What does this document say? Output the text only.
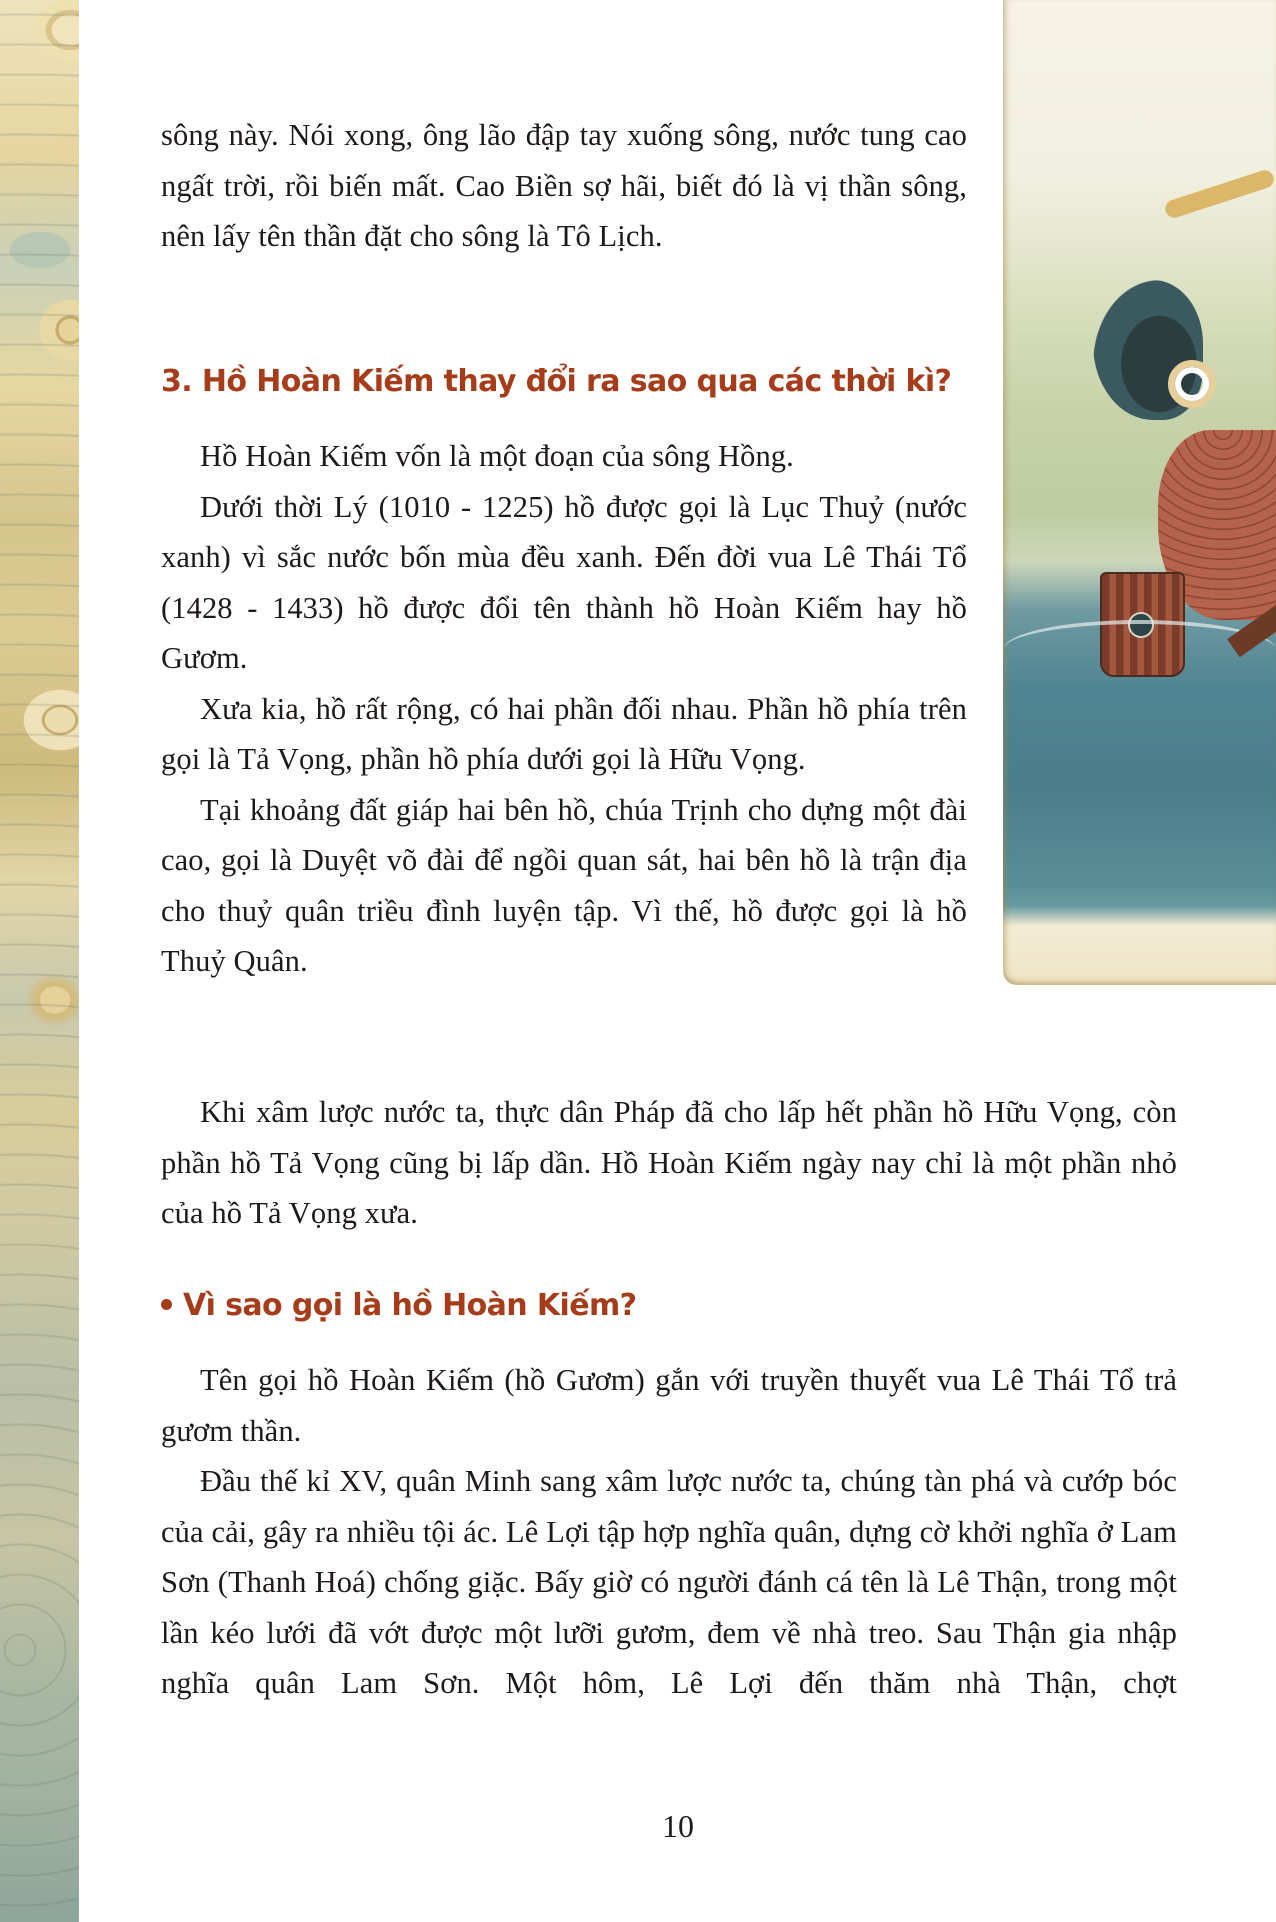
sông này. Nói xong, ông lão đập tay xuống sông, nước tung cao ngất trời, rồi biến mất. Cao Biền sợ hãi, biết đó là vị thần sông, nên lấy tên thần đặt cho sông là Tô Lịch.

3. Hồ Hoàn Kiếm thay đổi ra sao qua các thời kì?

Hồ Hoàn Kiếm vốn là một đoạn của sông Hồng.

Dưới thời Lý (1010 - 1225) hồ được gọi là Lục Thuỷ (nước xanh) vì sắc nước bốn mùa đều xanh. Đến đời vua Lê Thái Tổ (1428 - 1433) hồ được đổi tên thành hồ Hoàn Kiếm hay hồ Gươm.

Xưa kia, hồ rất rộng, có hai phần đối nhau. Phần hồ phía trên gọi là Tả Vọng, phần hồ phía dưới gọi là Hữu Vọng.

Tại khoảng đất giáp hai bên hồ, chúa Trịnh cho dựng một đài cao, gọi là Duyệt võ đài để ngồi quan sát, hai bên hồ là trận địa cho thuỷ quân triều đình luyện tập. Vì thế, hồ được gọi là hồ Thuỷ Quân.

Khi xâm lược nước ta, thực dân Pháp đã cho lấp hết phần hồ Hữu Vọng, còn phần hồ Tả Vọng cũng bị lấp dần. Hồ Hoàn Kiếm ngày nay chỉ là một phần nhỏ của hồ Tả Vọng xưa.

Vì sao gọi là hồ Hoàn Kiếm?

Tên gọi hồ Hoàn Kiếm (hồ Gươm) gắn với truyền thuyết vua Lê Thái Tổ trả gươm thần.

Đầu thế kỉ XV, quân Minh sang xâm lược nước ta, chúng tàn phá và cướp bóc của cải, gây ra nhiều tội ác. Lê Lợi tập hợp nghĩa quân, dựng cờ khởi nghĩa ở Lam Sơn (Thanh Hoá) chống giặc. Bấy giờ có người đánh cá tên là Lê Thận, trong một lần kéo lưới đã vớt được một lưỡi gươm, đem về nhà treo. Sau Thận gia nhập nghĩa quân Lam Sơn. Một hôm, Lê Lợi đến thăm nhà Thận, chợt

10
